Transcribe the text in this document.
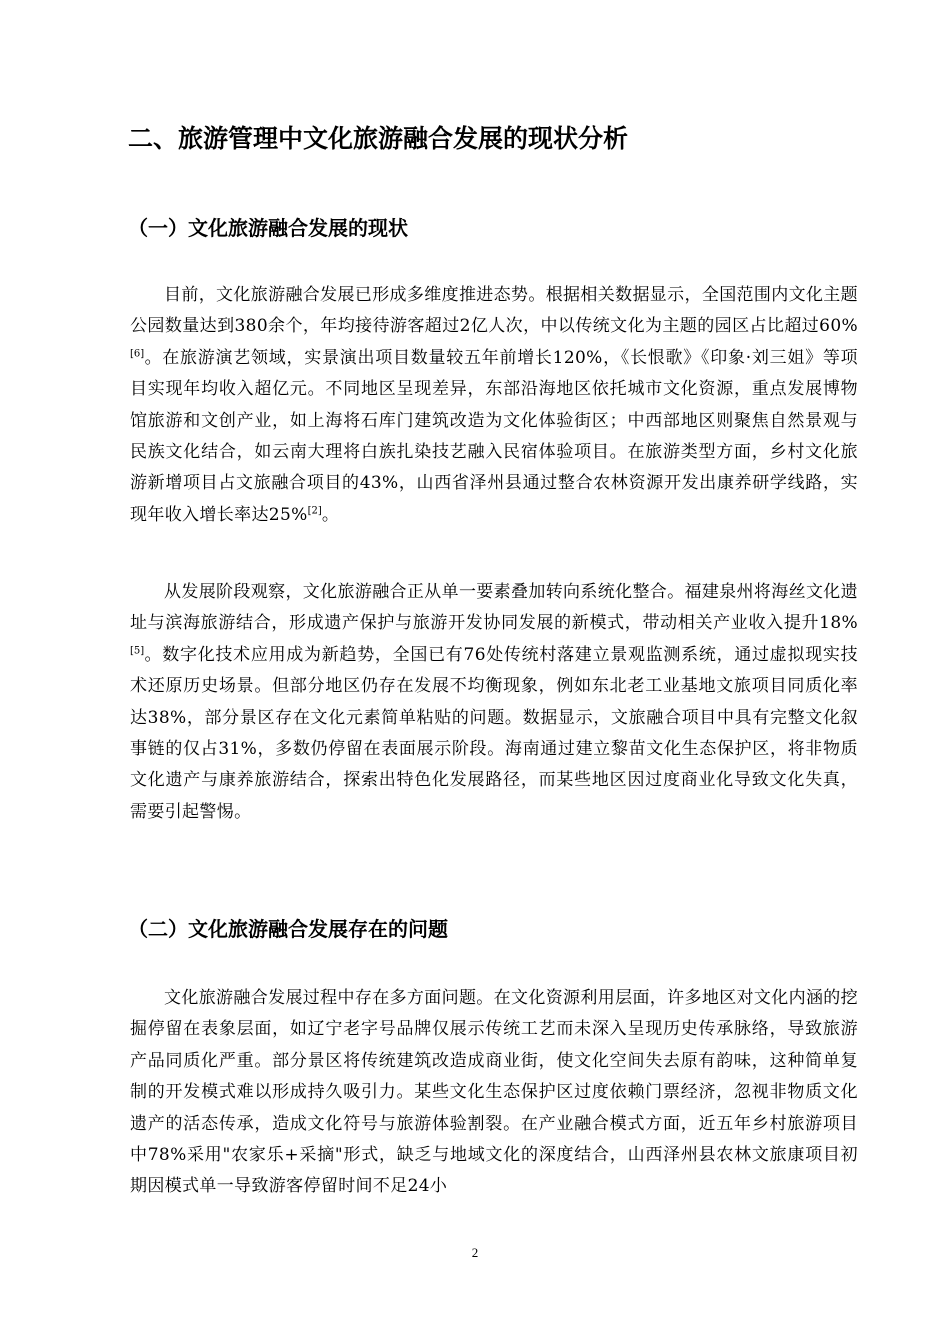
二、旅游管理中文化旅游融合发展的现状分析
（一）文化旅游融合发展的现状

目前，文化旅游融合发展已形成多维度推进态势。根据相关数据显示，全国范围内文化主题公园数量达到380余个，年均接待游客超过2亿人次，中以传统文化为主题的园区占比超过60%[6]。在旅游演艺领域，实景演出项目数量较五年前增长120%，《长恨歌》《印象·刘三姐》等项目实现年均收入超亿元。不同地区呈现差异，东部沿海地区依托城市文化资源，重点发展博物馆旅游和文创产业，如上海将石库门建筑改造为文化体验街区；中西部地区则聚焦自然景观与民族文化结合，如云南大理将白族扎染技艺融入民宿体验项目。在旅游类型方面，乡村文化旅游新增项目占文旅融合项目的43%，山西省泽州县通过整合农林资源开发出康养研学线路，实现年收入增长率达25%[2]。

从发展阶段观察，文化旅游融合正从单一要素叠加转向系统化整合。福建泉州将海丝文化遗址与滨海旅游结合，形成遗产保护与旅游开发协同发展的新模式，带动相关产业收入提升18%[5]。数字化技术应用成为新趋势，全国已有76处传统村落建立景观监测系统，通过虚拟现实技术还原历史场景。但部分地区仍存在发展不均衡现象，例如东北老工业基地文旅项目同质化率达38%，部分景区存在文化元素简单粘贴的问题。数据显示，文旅融合项目中具有完整文化叙事链的仅占31%，多数仍停留在表面展示阶段。海南通过建立黎苗文化生态保护区，将非物质文化遗产与康养旅游结合，探索出特色化发展路径，而某些地区因过度商业化导致文化失真，需要引起警惕。

（二）文化旅游融合发展存在的问题

文化旅游融合发展过程中存在多方面问题。在文化资源利用层面，许多地区对文化内涵的挖掘停留在表象层面，如辽宁老字号品牌仅展示传统工艺而未深入呈现历史传承脉络，导致旅游产品同质化严重。部分景区将传统建筑改造成商业街，使文化空间失去原有韵味，这种简单复制的开发模式难以形成持久吸引力。某些文化生态保护区过度依赖门票经济，忽视非物质文化遗产的活态传承，造成文化符号与旅游体验割裂。在产业融合模式方面，近五年乡村旅游项目中78%采用"农家乐+采摘"形式，缺乏与地域文化的深度结合，山西泽州县农林文旅康项目初期因模式单一导致游客停留时间不足24小

2
